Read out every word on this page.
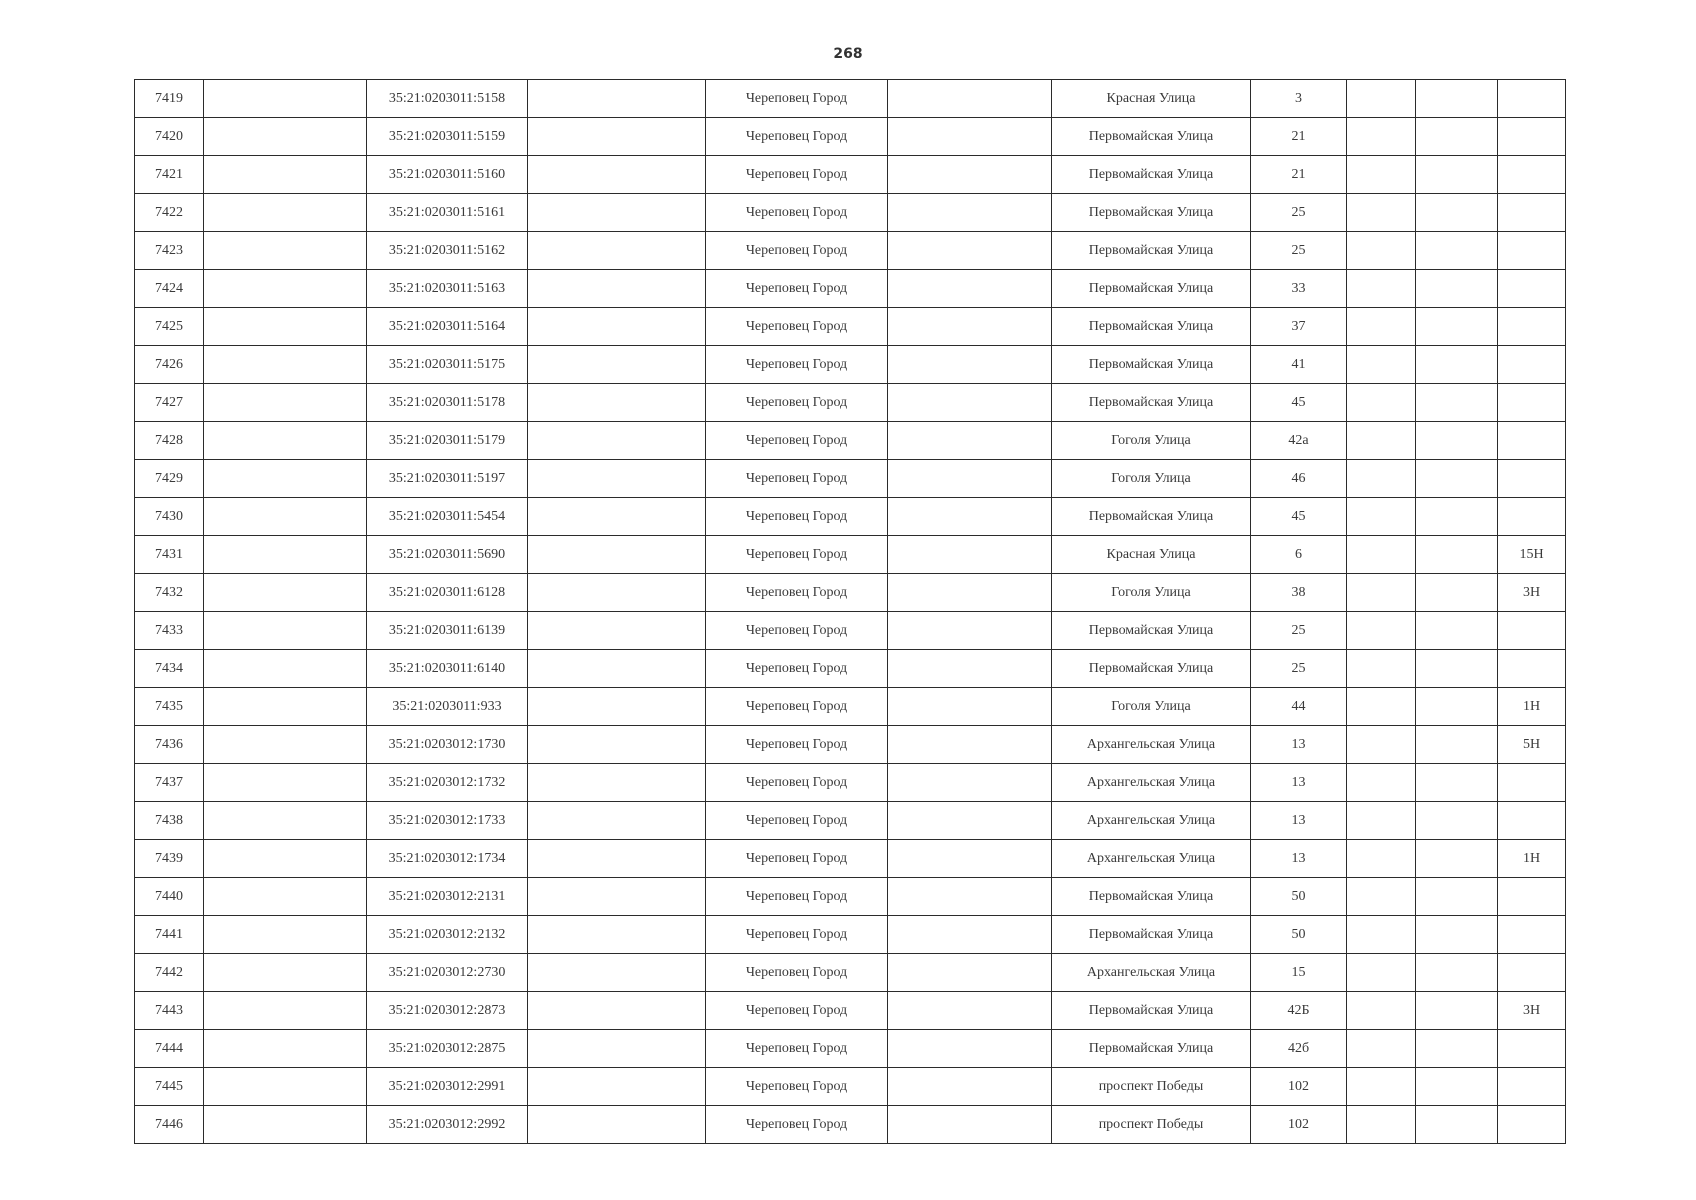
268
7419		35:21:0203011:5158		Череповец Город		Красная Улица	3			
7420		35:21:0203011:5159		Череповец Город		Первомайская Улица	21			
7421		35:21:0203011:5160		Череповец Город		Первомайская Улица	21			
7422		35:21:0203011:5161		Череповец Город		Первомайская Улица	25			
7423		35:21:0203011:5162		Череповец Город		Первомайская Улица	25			
7424		35:21:0203011:5163		Череповец Город		Первомайская Улица	33			
7425		35:21:0203011:5164		Череповец Город		Первомайская Улица	37			
7426		35:21:0203011:5175		Череповец Город		Первомайская Улица	41			
7427		35:21:0203011:5178		Череповец Город		Первомайская Улица	45			
7428		35:21:0203011:5179		Череповец Город		Гоголя Улица	42а			
7429		35:21:0203011:5197		Череповец Город		Гоголя Улица	46			
7430		35:21:0203011:5454		Череповец Город		Первомайская Улица	45			
7431		35:21:0203011:5690		Череповец Город		Красная Улица	6			15Н
7432		35:21:0203011:6128		Череповец Город		Гоголя Улица	38			3Н
7433		35:21:0203011:6139		Череповец Город		Первомайская Улица	25			
7434		35:21:0203011:6140		Череповец Город		Первомайская Улица	25			
7435		35:21:0203011:933		Череповец Город		Гоголя Улица	44			1Н
7436		35:21:0203012:1730		Череповец Город		Архангельская Улица	13			5Н
7437		35:21:0203012:1732		Череповец Город		Архангельская Улица	13			
7438		35:21:0203012:1733		Череповец Город		Архангельская Улица	13			
7439		35:21:0203012:1734		Череповец Город		Архангельская Улица	13			1Н
7440		35:21:0203012:2131		Череповец Город		Первомайская Улица	50			
7441		35:21:0203012:2132		Череповец Город		Первомайская Улица	50			
7442		35:21:0203012:2730		Череповец Город		Архангельская Улица	15			
7443		35:21:0203012:2873		Череповец Город		Первомайская Улица	42Б			3Н
7444		35:21:0203012:2875		Череповец Город		Первомайская Улица	42б			
7445		35:21:0203012:2991		Череповец Город		проспект Победы	102			
7446		35:21:0203012:2992		Череповец Город		проспект Победы	102			
